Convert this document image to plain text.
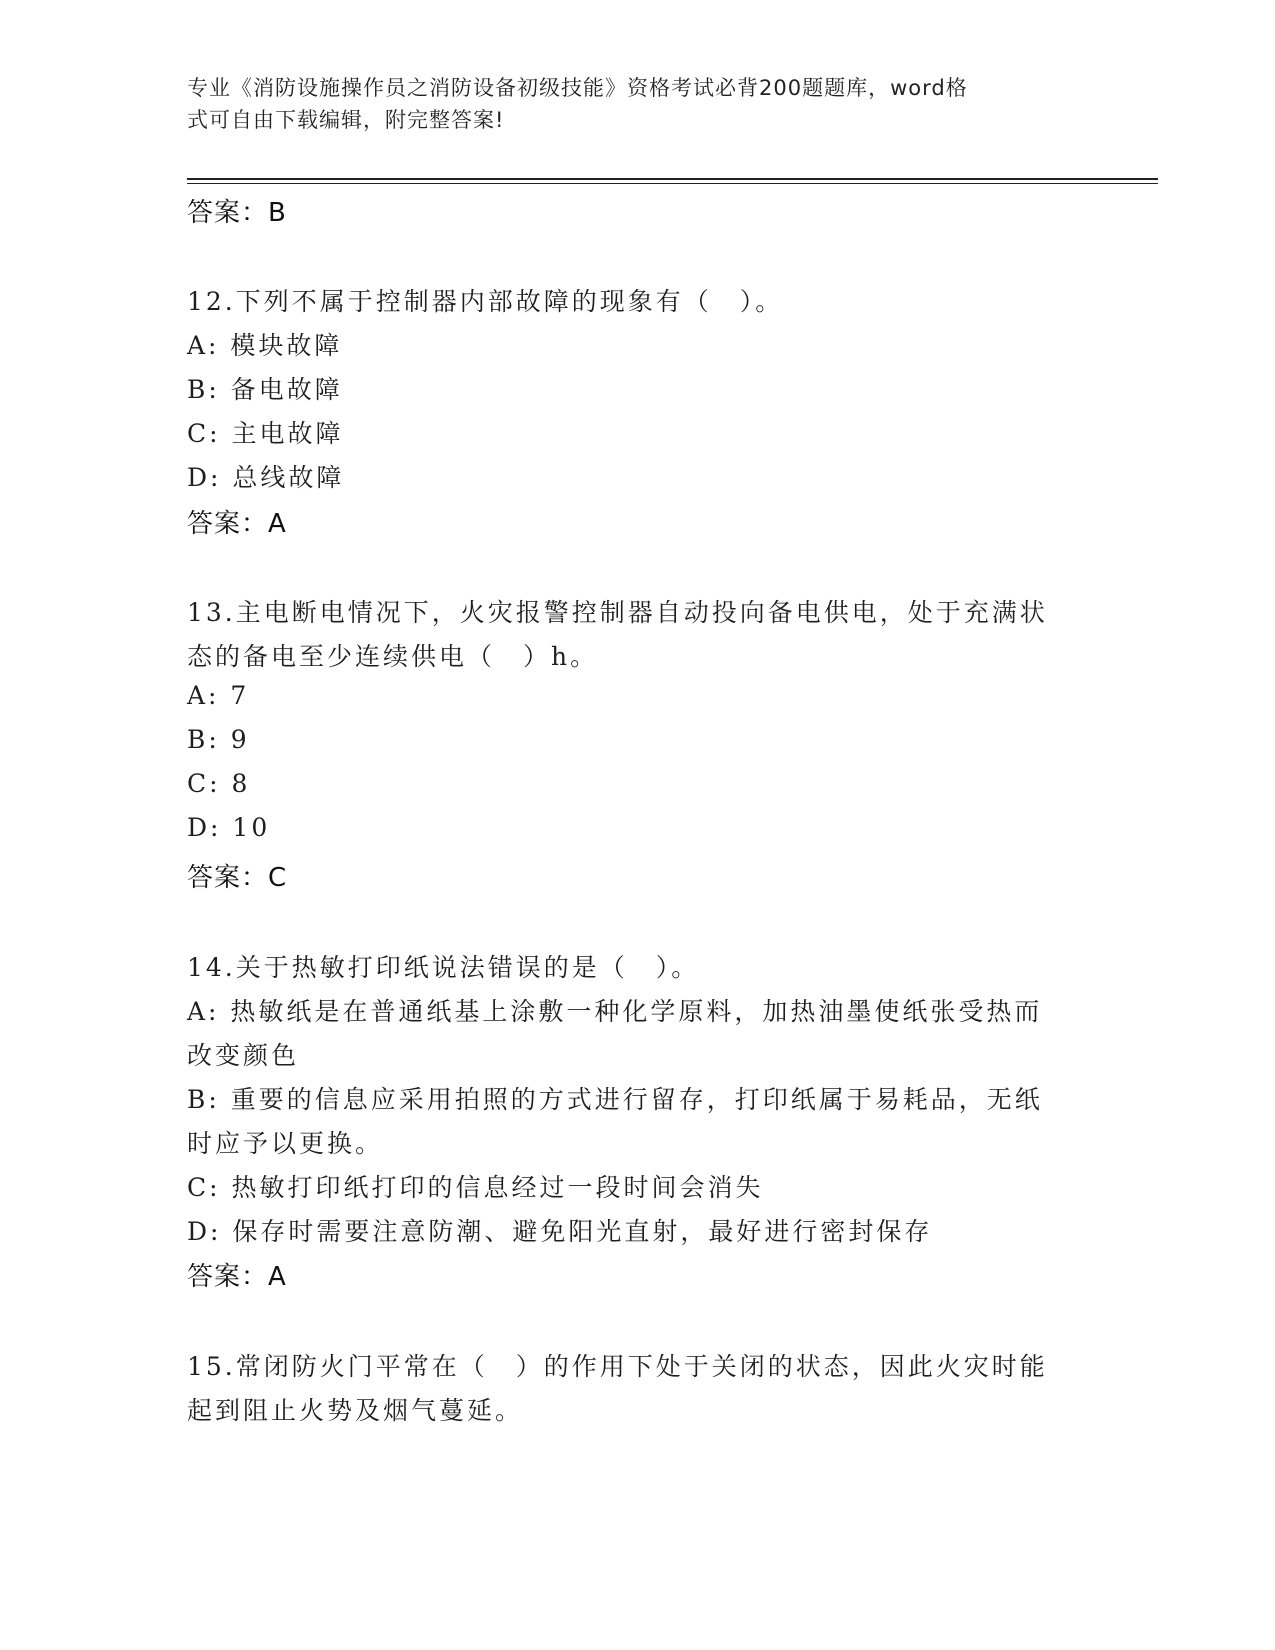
专业《消防设施操作员之消防设备初级技能》资格考试必背200题题库，word格
式可自由下载编辑，附完整答案!
答案：B
12.下列不属于控制器内部故障的现象有（　）。
A: 模块故障
B: 备电故障
C: 主电故障
D: 总线故障
答案：A
13.主电断电情况下，火灾报警控制器自动投向备电供电，处于充满状
态的备电至少连续供电（　）h。
A: 7
B: 9
C: 8
D: 10
答案：C
14.关于热敏打印纸说法错误的是（　）。
A: 热敏纸是在普通纸基上涂敷一种化学原料，加热油墨使纸张受热而
改变颜色
B: 重要的信息应采用拍照的方式进行留存，打印纸属于易耗品，无纸
时应予以更换。
C: 热敏打印纸打印的信息经过一段时间会消失
D: 保存时需要注意防潮、避免阳光直射，最好进行密封保存
答案：A
15.常闭防火门平常在（　）的作用下处于关闭的状态，因此火灾时能
起到阻止火势及烟气蔓延。
